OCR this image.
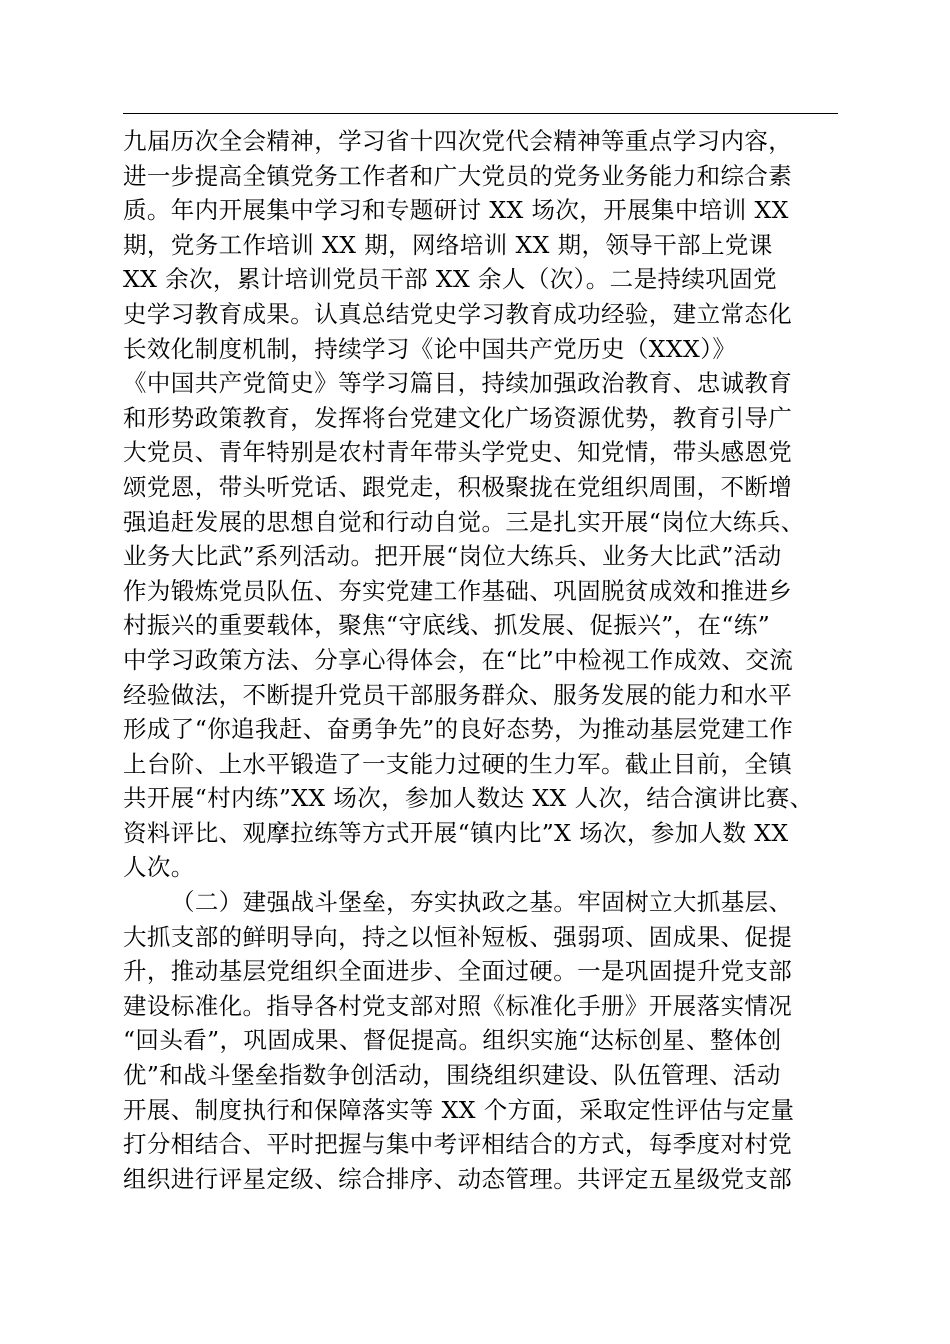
九届历次全会精神，学习省十四次党代会精神等重点学习内容，
进一步提高全镇党务工作者和广大党员的党务业务能力和综合素
质。年内开展集中学习和专题研讨 XX 场次，开展集中培训 XX
期，党务工作培训 XX 期，网络培训 XX 期，领导干部上党课
XX 余次，累计培训党员干部 XX 余人（次）。二是持续巩固党
史学习教育成果。认真总结党史学习教育成功经验，建立常态化
长效化制度机制，持续学习《论中国共产党历史（XXX）》
《中国共产党简史》等学习篇目，持续加强政治教育、忠诚教育
和形势政策教育，发挥将台党建文化广场资源优势，教育引导广
大党员、青年特别是农村青年带头学党史、知党情，带头感恩党
颂党恩，带头听党话、跟党走，积极聚拢在党组织周围，不断增
强追赶发展的思想自觉和行动自觉。三是扎实开展“岗位大练兵、
业务大比武”系列活动。把开展“岗位大练兵、业务大比武”活动
作为锻炼党员队伍、夯实党建工作基础、巩固脱贫成效和推进乡
村振兴的重要载体，聚焦“守底线、抓发展、促振兴”，在“练”
中学习政策方法、分享心得体会，在“比”中检视工作成效、交流
经验做法，不断提升党员干部服务群众、服务发展的能力和水平
形成了“你追我赶、奋勇争先”的良好态势，为推动基层党建工作
上台阶、上水平锻造了一支能力过硬的生力军。截止目前，全镇
共开展“村内练”XX 场次，参加人数达 XX 人次，结合演讲比赛、
资料评比、观摩拉练等方式开展“镇内比”X 场次，参加人数 XX
人次。
（二）建强战斗堡垒，夯实执政之基。牢固树立大抓基层、
大抓支部的鲜明导向，持之以恒补短板、强弱项、固成果、促提
升，推动基层党组织全面进步、全面过硬。一是巩固提升党支部
建设标准化。指导各村党支部对照《标准化手册》开展落实情况
“回头看”，巩固成果、督促提高。组织实施“达标创星、整体创
优”和战斗堡垒指数争创活动，围绕组织建设、队伍管理、活动
开展、制度执行和保障落实等 XX 个方面，采取定性评估与定量
打分相结合、平时把握与集中考评相结合的方式，每季度对村党
组织进行评星定级、综合排序、动态管理。共评定五星级党支部
